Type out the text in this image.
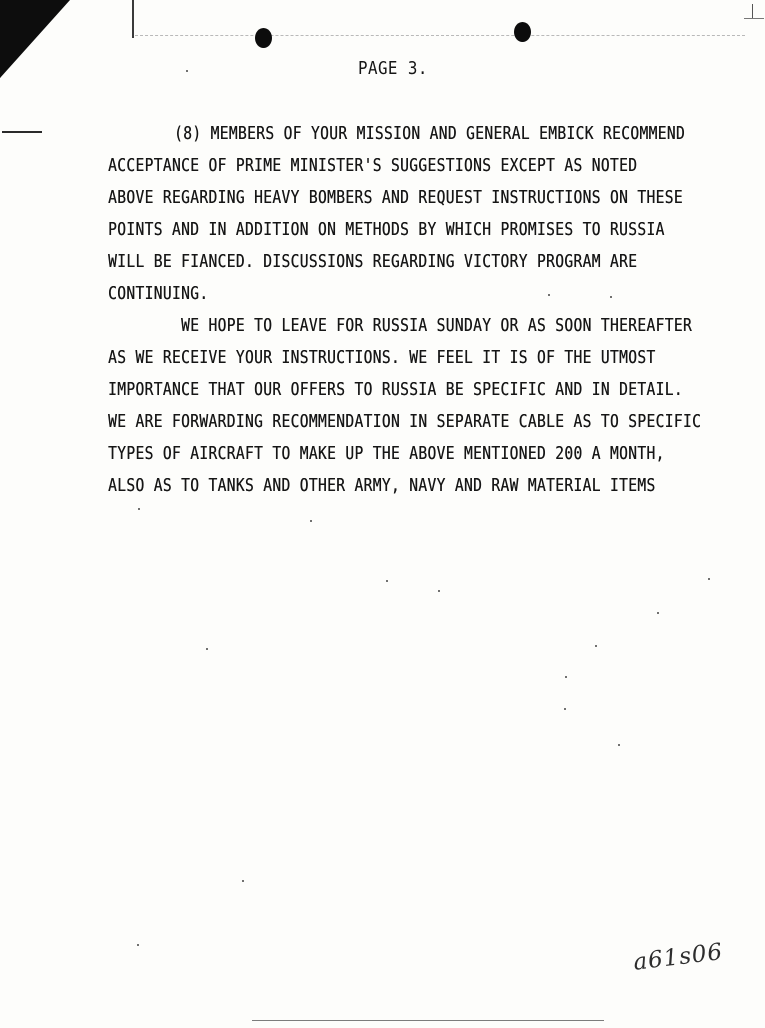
PAGE 3.
(8) MEMBERS OF YOUR MISSION AND GENERAL EMBICK RECOMMEND
ACCEPTANCE OF PRIME MINISTER'S SUGGESTIONS EXCEPT AS NOTED
ABOVE REGARDING HEAVY BOMBERS AND REQUEST INSTRUCTIONS ON THESE
POINTS AND IN ADDITION ON METHODS BY WHICH PROMISES TO RUSSIA
WILL BE FIANCED. DISCUSSIONS REGARDING VICTORY PROGRAM ARE
CONTINUING.
WE HOPE TO LEAVE FOR RUSSIA SUNDAY OR AS SOON THEREAFTER
AS WE RECEIVE YOUR INSTRUCTIONS. WE FEEL IT IS OF THE UTMOST
IMPORTANCE THAT OUR OFFERS TO RUSSIA BE SPECIFIC AND IN DETAIL.
WE ARE FORWARDING RECOMMENDATION IN SEPARATE CABLE AS TO SPECIFIC
TYPES OF AIRCRAFT TO MAKE UP THE ABOVE MENTIONED 200 A MONTH,
ALSO AS TO TANKS AND OTHER ARMY, NAVY AND RAW MATERIAL ITEMS
a61s06
